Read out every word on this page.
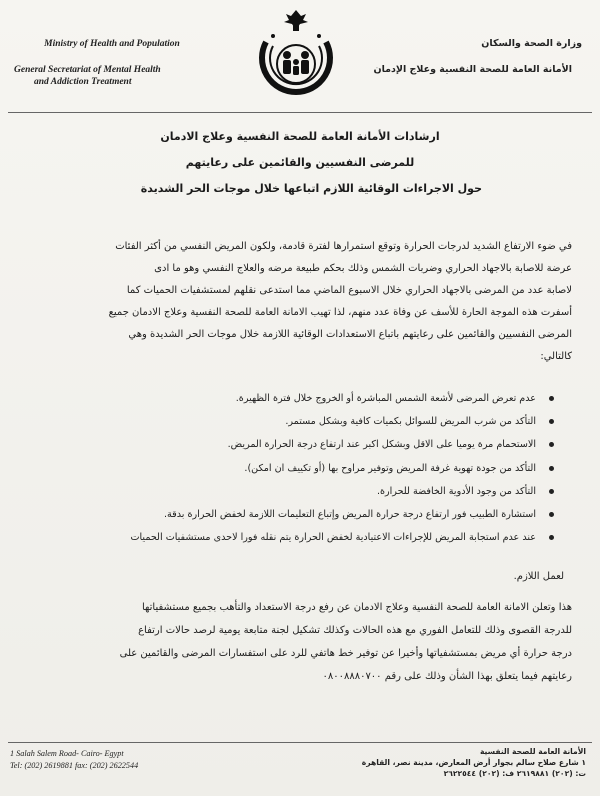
Ministry of Health and Population
General Secretariat of Mental Health
and Addiction Treatment
وزارة الصحة والسكان
الأمانة العامة للصحة النفسية وعلاج الإدمان
ارشادات الأمانة العامة للصحة النفسية وعلاج الادمان
للمرضى النفسيين والقائمين على رعايتهم
حول الاجراءات الوقائية اللازم اتباعها خلال موجات الحر الشديدة
في ضوء الارتفاع الشديد لدرجات الحرارة وتوقع استمرارها لفترة قادمة، ولكون المريض النفسي من أكثر الفئات
عرضة للاصابة بالاجهاد الحراري وضربات الشمس وذلك بحكم طبيعة مرضه والعلاج النفسي وهو ما ادى
لاصابة عدد من المرضى بالاجهاد الحراري خلال الاسبوع الماضي مما استدعى نقلهم لمستشفيات الحميات كما
أسفرت هذه الموجة الحارة للأسف عن وفاة عدد منهم، لذا تهيب الامانة العامة للصحة النفسية وعلاج الادمان جميع
المرضى النفسيين والقائمين على رعايتهم باتباع الاستعدادات الوقائية اللازمة خلال موجات الحر الشديدة وهي
كالتالي:
عدم تعرض المرضى لأشعة الشمس المباشرة أو الخروج خلال فترة الظهيرة.
التأكد من شرب المريض للسوائل بكميات كافية وبشكل مستمر.
الاستحمام مرة يوميا على الاقل وبشكل اكبر عند ارتفاع درجة الحرارة المريض.
التأكد من جودة تهوية غرفة المريض وتوفير مراوح بها (أو تكييف ان امكن).
التأكد من وجود الأدوية الخافضة للحرارة.
استشارة الطبيب فور ارتفاع درجة حرارة المريض وإتباع التعليمات اللازمة لخفض الحرارة بدقة.
عند عدم استجابة المريض للإجراءات الاعتيادية لخفض الحرارة يتم نقله فورا لاحدى مستشفيات الحميات
لعمل اللازم.
هذا وتعلن الامانة العامة للصحة النفسية وعلاج الادمان عن رفع درجة الاستعداد والتأهب بجميع مستشفياتها
للدرجة القصوى وذلك للتعامل الفوري مع هذه الحالات وكذلك تشكيل لجنة متابعة يومية لرصد حالات ارتفاع
درجة حرارة أي مريض بمستشفياتها وأخيرا عن توفير خط هاتفي للرد على استفسارات المرضى والقائمين على
رعايتهم فيما يتعلق بهذا الشأن وذلك على رقم ٠٨٠٠٨٨٨٠٧٠٠
1 Salah Salem Road- Cairo- Egypt
Tel: (202) 2619881 fax: (202) 2622544
الأمانة العامة للصحة النفسية
١ شارع صلاح سالم بجوار أرض المعارض، مدينة نصر، القاهرة
ت: (٢٠٢) ٢٦١٩٨٨١ ف: (٢٠٢) ٢٦٢٢٥٤٤
